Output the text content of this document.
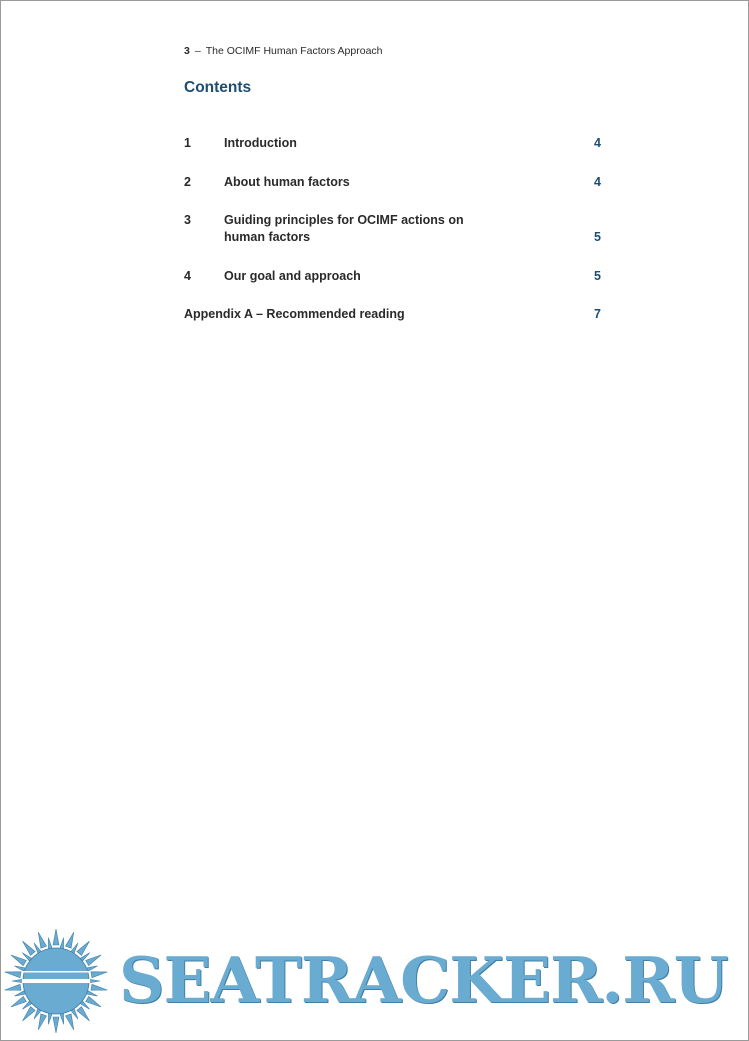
3 – The OCIMF Human Factors Approach
Contents
1	Introduction	4
2	About human factors	4
3	Guiding principles for OCIMF actions on
human factors	5
4	Our goal and approach	5
Appendix A – Recommended reading	7
SEATRACKER.RU
